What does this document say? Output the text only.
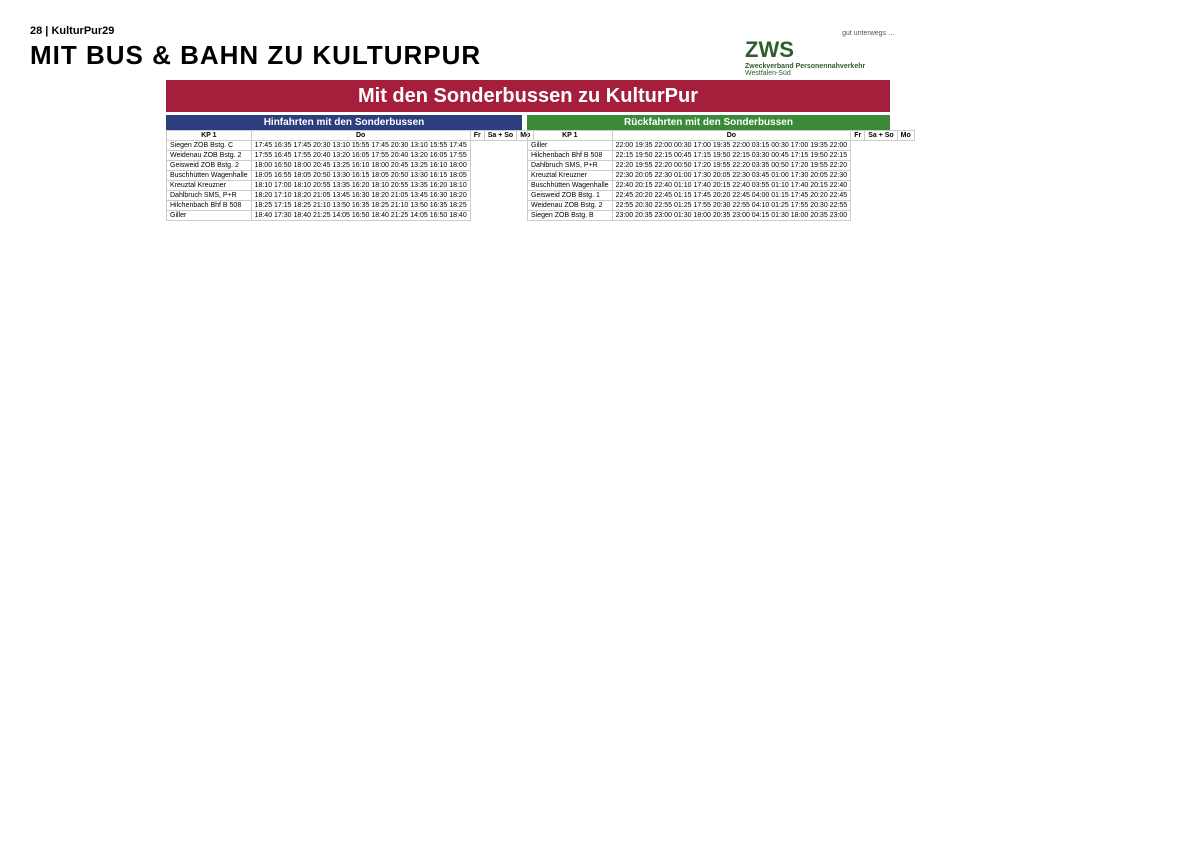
28 | KulturPur29
MIT BUS & BAHN ZU KULTURPUR
gut unterwegs …
ZWS
Zweckverband Personennahverkehr
Westfalen-Süd
Mit den Sonderbussen zu KulturPur
Hinfahrten mit den Sonderbussen
KP 1	Do	Fr	Sa + So	Mo
Siegen ZOB Bstg. C	17:45 16:35 17:45 20:30 13:10 15:55 17:45 20:30 13:10 15:55 17:45			
Weidenau ZOB Bstg. 2	17:55 16:45 17:55 20:40 13:20 16:05 17:55 20:40 13:20 16:05 17:55			
Geisweid ZOB Bstg. 2	18:00 16:50 18:00 20:45 13:25 16:10 18:00 20:45 13:25 16:10 18:00			
Buschhütten Wagenhalle	18:05 16:55 18:05 20:50 13:30 16:15 18:05 20:50 13:30 16:15 18:05			
Kreuztal Kreuzner	18:10 17:00 18:10 20:55 13:35 16:20 18:10 20:55 13:35 16:20 18:10			
Dahlbruch SMS, P+R	18:20 17:10 18:20 21:05 13:45 16:30 18:20 21:05 13:45 16:30 18:20			
Hilchenbach Bhf B 508	18:25 17:15 18:25 21:10 13:50 16:35 18:25 21:10 13:50 16:35 18:25			
Giller	18:40 17:30 18:40 21:25 14:05 16:50 18:40 21:25 14:05 16:50 18:40			
Rückfahrten mit den Sonderbussen
KP 1	Do	Fr	Sa + So	Mo
Giller	22:00 19:35 22:00 00:30 17:00 19:35 22:00 03:15 00:30 17:00 19:35 22:00			
Hilchenbach Bhf B 508	22:15 19:50 22:15 00:45 17:15 19:50 22:15 03:30 00:45 17:15 19:50 22:15			
Dahlbruch SMS, P+R	22:20 19:55 22:20 00:50 17:20 19:55 22:20 03:35 00:50 17:20 19:55 22:20			
Kreuztal Kreuzner	22:30 20:05 22:30 01:00 17:30 20:05 22:30 03:45 01:00 17:30 20:05 22:30			
Buschhütten Wagenhalle	22:40 20:15 22:40 01:10 17:40 20:15 22:40 03:55 01:10 17:40 20:15 22:40			
Geisweid ZOB Bstg. 1	22:45 20:20 22:45 01:15 17:45 20:20 22:45 04:00 01:15 17:45 20:20 22:45			
Weidenau ZOB Bstg. 2	22:55 20:30 22:55 01:25 17:55 20:30 22:55 04:10 01:25 17:55 20:30 22:55			
Siegen ZOB Bstg. B	23:00 20:35 23:00 01:30 18:00 20:35 23:00 04:15 01:30 18:00 20:35 23:00			
